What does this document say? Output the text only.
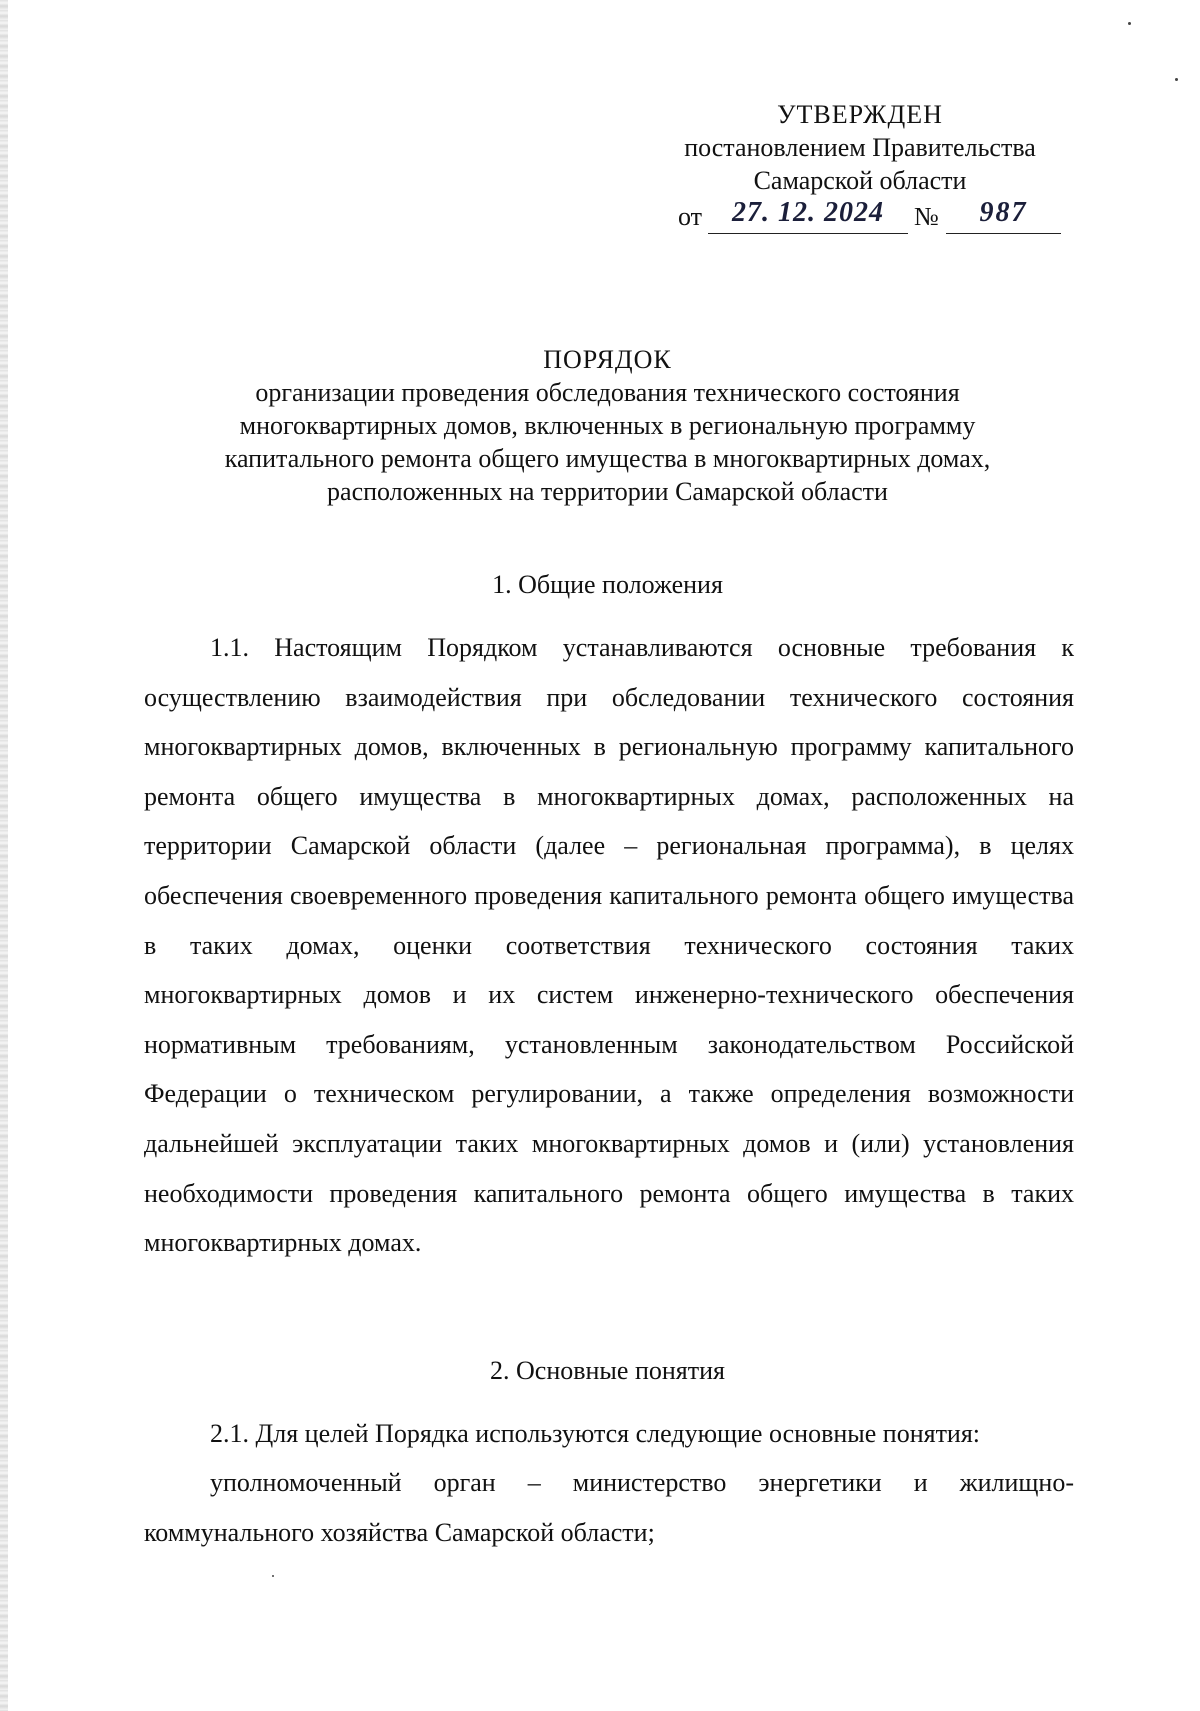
УТВЕРЖДЕН
постановлением Правительства
Самарской области
от	27. 12. 2024	№	987
ПОРЯДОК
организации проведения обследования технического состояния
многоквартирных домов, включенных в региональную программу
капитального ремонта общего имущества в многоквартирных домах,
расположенных на территории Самарской области
1. Общие положения

1.1. Настоящим Порядком устанавливаются основные требования к осуществлению взаимодействия при обследовании технического состояния многоквартирных домов, включенных в региональную программу капитального ремонта общего имущества в многоквартирных домах, расположенных на территории Самарской области (далее – региональная программа), в целях обеспечения своевременного проведения капитального ремонта общего имущества в таких домах, оценки соответствия технического состояния таких многоквартирных домов и их систем инженерно-технического обеспечения нормативным требованиям, установленным законодательством Российской Федерации о техническом регулировании, а также определения возможности дальнейшей эксплуатации таких многоквартирных домов и (или) установления необходимости проведения капитального ремонта общего имущества в таких многоквартирных домах.

2. Основные понятия

2.1. Для целей Порядка используются следующие основные понятия:

уполномоченный орган – министерство энергетики и жилищно-коммунального хозяйства Самарской области;
